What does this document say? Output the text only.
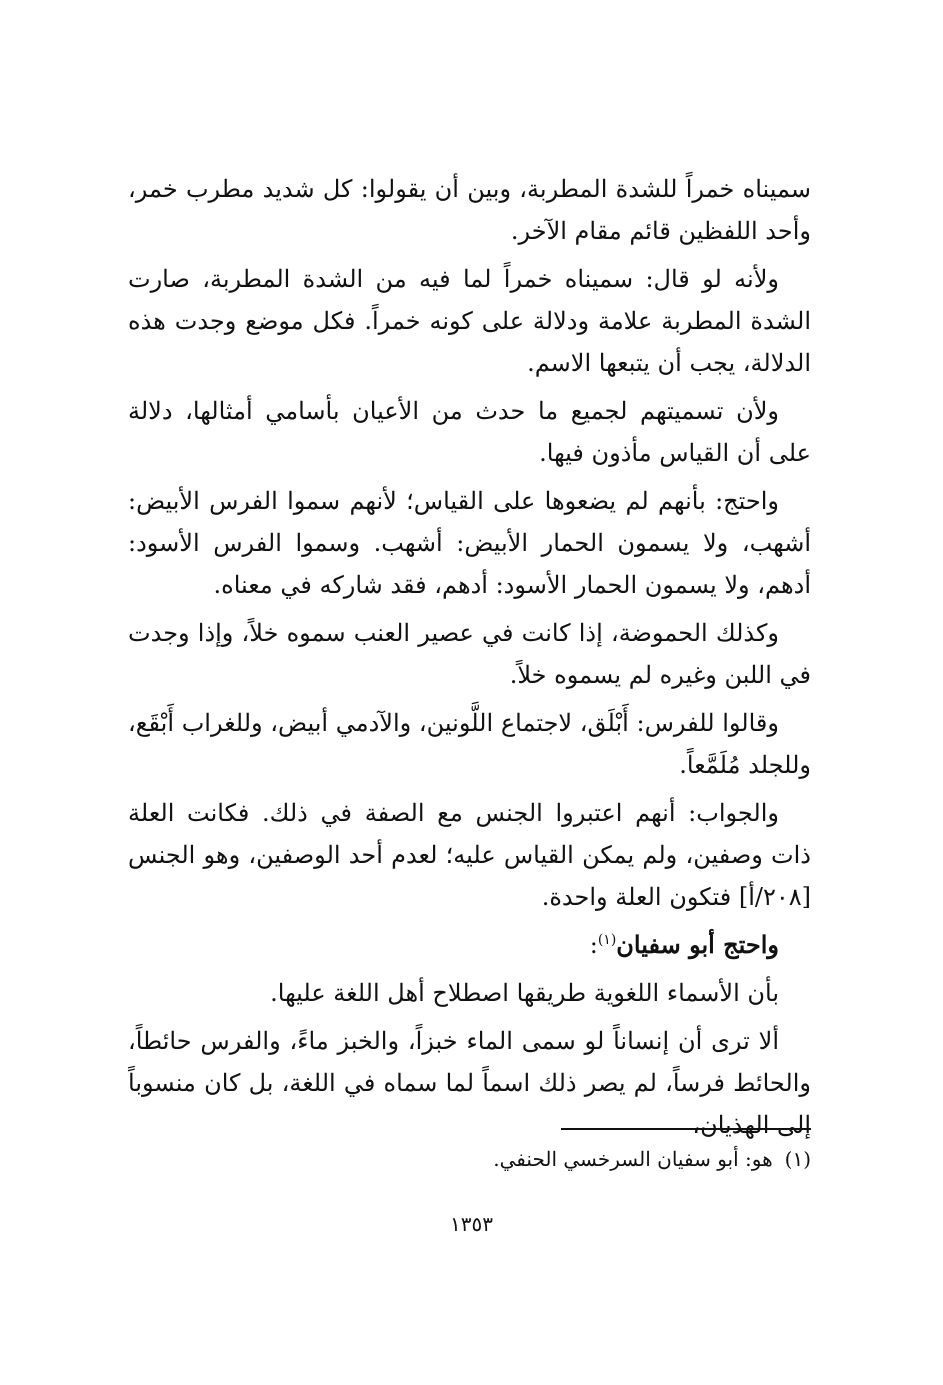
سميناه خمراً للشدة المطربة، وبين أن يقولوا: كل شديد مطرب خمر، وأحد اللفظين قائم مقام الآخر.

ولأنه لو قال: سميناه خمراً لما فيه من الشدة المطربة، صارت الشدة المطربة علامة ودلالة على كونه خمراً. فكل موضع وجدت هذه الدلالة، يجب أن يتبعها الاسم.

ولأن تسميتهم لجميع ما حدث من الأعيان بأسامي أمثالها، دلالة على أن القياس مأذون فيها.

واحتج: بأنهم لم يضعوها على القياس؛ لأنهم سموا الفرس الأبيض: أشهب، ولا يسمون الحمار الأبيض: أشهب. وسموا الفرس الأسود: أدهم، ولا يسمون الحمار الأسود: أدهم، فقد شاركه في معناه.

وكذلك الحموضة، إذا كانت في عصير العنب سموه خلاً، وإذا وجدت في اللبن وغيره لم يسموه خلاً.

وقالوا للفرس: أَبْلَق، لاجتماع اللَّونين، والآدمي أبيض، وللغراب أَبْقَع، وللجلد مُلَمَّعاً.

والجواب: أنهم اعتبروا الجنس مع الصفة في ذلك. فكانت العلة ذات وصفين، ولم يمكن القياس عليه؛ لعدم أحد الوصفين، وهو الجنس [٢٠٨/أ] فتكون العلة واحدة.

واحتج أبو سفيان$^{(١)}$:

بأن الأسماء اللغوية طريقها اصطلاح أهل اللغة عليها.

ألا ترى أن إنساناً لو سمى الماء خبزاً، والخبز ماءً، والفرس حائطاً، والحائط فرساً، لم يصر ذلك اسماً لما سماه في اللغة، بل كان منسوباً إلى الهذيان،

(١)هو: أبو سفيان السرخسي الحنفي.
١٣٥٣
